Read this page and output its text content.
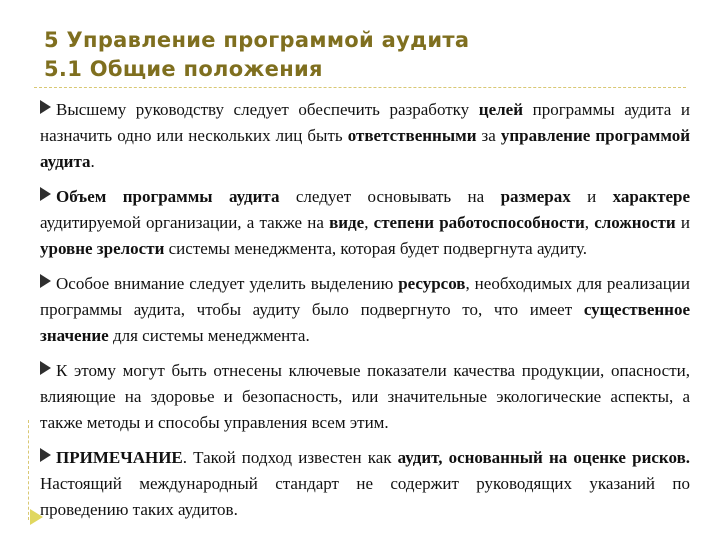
5 Управление программой аудита
5.1 Общие положения

Высшему руководству следует обеспечить разработку целей программы аудита и назначить одно или нескольких лиц быть ответственными за управление программой аудита.

Объем программы аудита следует основывать на размерах и характере аудитируемой организации, а также на виде, степени работоспособности, сложности и уровне зрелости системы менеджмента, которая будет подвергнута аудиту.

Особое внимание следует уделить выделению ресурсов, необходимых для реализации программы аудита, чтобы аудиту было подвергнуто то, что имеет существенное значение для системы менеджмента.

К этому могут быть отнесены ключевые показатели качества продукции, опасности, влияющие на здоровье и безопасность, или значительные экологические аспекты, а также методы и способы управления всем этим.

ПРИМЕЧАНИЕ. Такой подход известен как аудит, основанный на оценке рисков. Настоящий международный стандарт не содержит руководящих указаний по проведению таких аудитов.
